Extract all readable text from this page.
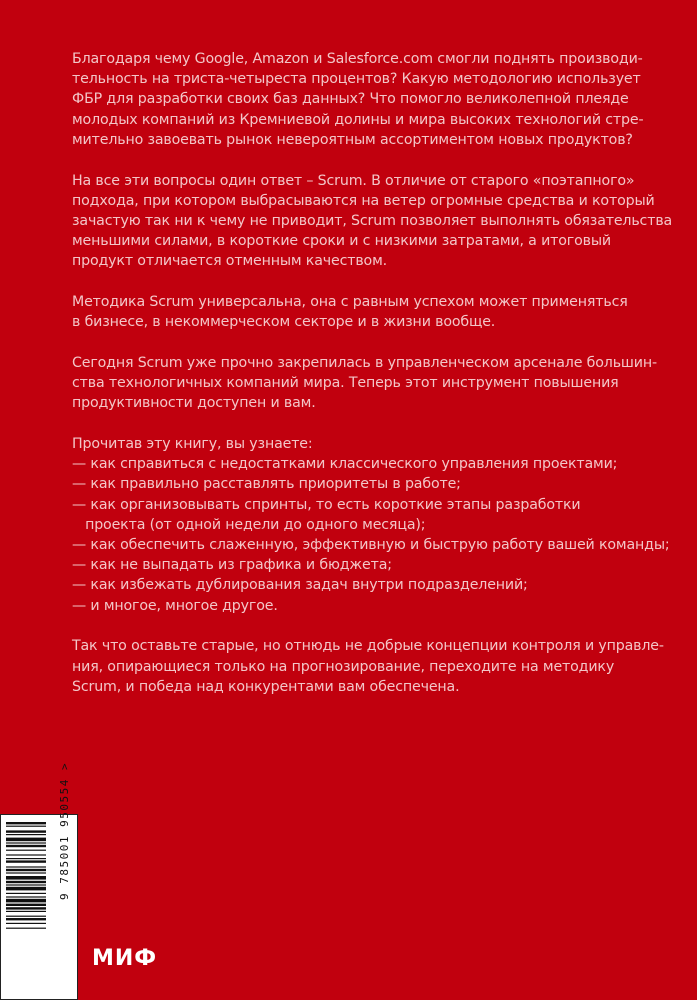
Благодаря чему Google, Amazon и Salesforce.com смогли поднять производи-
тельность на триста-четыреста процентов? Какую методологию использует
ФБР для разработки своих баз данных? Что помогло великолепной плеяде
молодых компаний из Кремниевой долины и мира высоких технологий стре-
мительно завоевать рынок невероятным ассортиментом новых продуктов?
На все эти вопросы один ответ – Scrum. В отличие от старого «поэтапного»
подхода, при котором выбрасываются на ветер огромные средства и который
зачастую так ни к чему не приводит, Scrum позволяет выполнять обязательства
меньшими силами, в короткие сроки и с низкими затратами, а итоговый
продукт отличается отменным качеством.
Методика Scrum универсальна, она с равным успехом может применяться
в бизнесе, в некоммерческом секторе и в жизни вообще.
Сегодня Scrum уже прочно закрепилась в управленческом арсенале большин-
ства технологичных компаний мира. Теперь этот инструмент повышения
продуктивности доступен и вам.
Прочитав эту книгу, вы узнаете:
— как справиться с недостатками классического управления проектами;
— как правильно расставлять приоритеты в работе;
— как организовывать спринты, то есть короткие этапы разработки
проекта (от одной недели до одного месяца);
— как обеспечить слаженную, эффективную и быструю работу вашей команды;
— как не выпадать из графика и бюджета;
— как избежать дублирования задач внутри подразделений;
— и многое, многое другое.
Так что оставьте старые, но отнюдь не добрые концепции контроля и управле-
ния, опирающиеся только на прогнозирование, переходите на методику
Scrum, и победа над конкурентами вам обеспечена.
9 785001 950554 >
МИФ
